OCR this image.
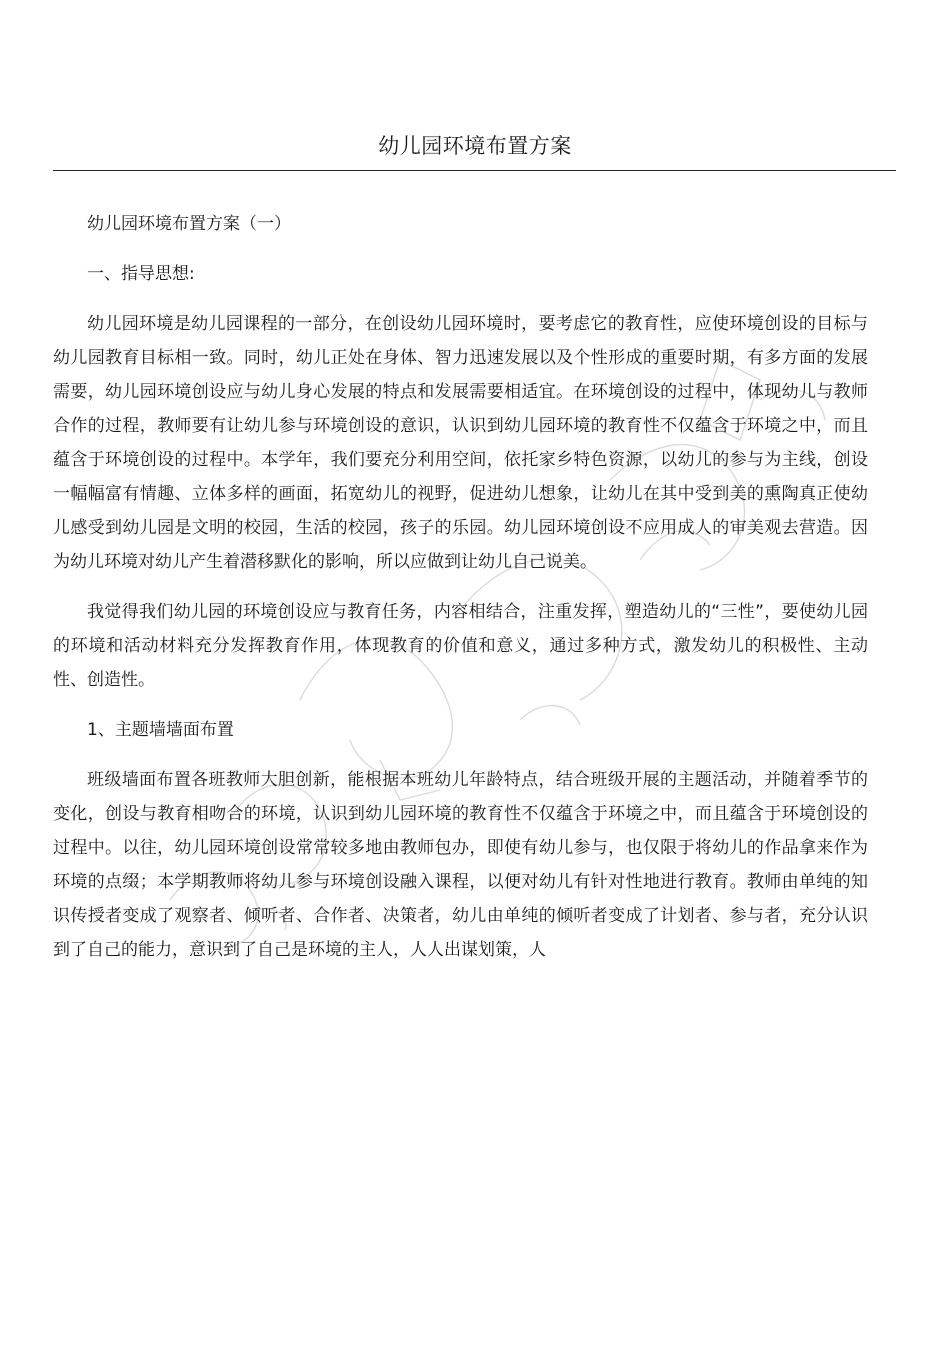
幼儿园环境布置方案

幼儿园环境布置方案（一）

一、指导思想:

幼儿园环境是幼儿园课程的一部分，在创设幼儿园环境时，要考虑它的教育性，应使环境创设的目标与幼儿园教育目标相一致。同时，幼儿正处在身体、智力迅速发展以及个性形成的重要时期，有多方面的发展需要，幼儿园环境创设应与幼儿身心发展的特点和发展需要相适宜。在环境创设的过程中，体现幼儿与教师合作的过程，教师要有让幼儿参与环境创设的意识，认识到幼儿园环境的教育性不仅蕴含于环境之中，而且蕴含于环境创设的过程中。本学年，我们要充分利用空间，依托家乡特色资源，以幼儿的参与为主线，创设一幅幅富有情趣、立体多样的画面，拓宽幼儿的视野，促进幼儿想象，让幼儿在其中受到美的熏陶真正使幼儿感受到幼儿园是文明的校园，生活的校园，孩子的乐园。幼儿园环境创设不应用成人的审美观去营造。因为幼儿环境对幼儿产生着潜移默化的影响，所以应做到让幼儿自己说美。

我觉得我们幼儿园的环境创设应与教育任务，内容相结合，注重发挥，塑造幼儿的“三性”，要使幼儿园的环境和活动材料充分发挥教育作用，体现教育的价值和意义，通过多种方式，激发幼儿的积极性、主动性、创造性。

1、主题墙墙面布置

班级墙面布置各班教师大胆创新，能根据本班幼儿年龄特点，结合班级开展的主题活动，并随着季节的变化，创设与教育相吻合的环境，认识到幼儿园环境的教育性不仅蕴含于环境之中，而且蕴含于环境创设的过程中。以往，幼儿园环境创设常常较多地由教师包办，即使有幼儿参与，也仅限于将幼儿的作品拿来作为环境的点缀；本学期教师将幼儿参与环境创设融入课程，以便对幼儿有针对性地进行教育。教师由单纯的知识传授者变成了观察者、倾听者、合作者、决策者，幼儿由单纯的倾听者变成了计划者、参与者，充分认识到了自己的能力，意识到了自己是环境的主人，人人出谋划策，人
